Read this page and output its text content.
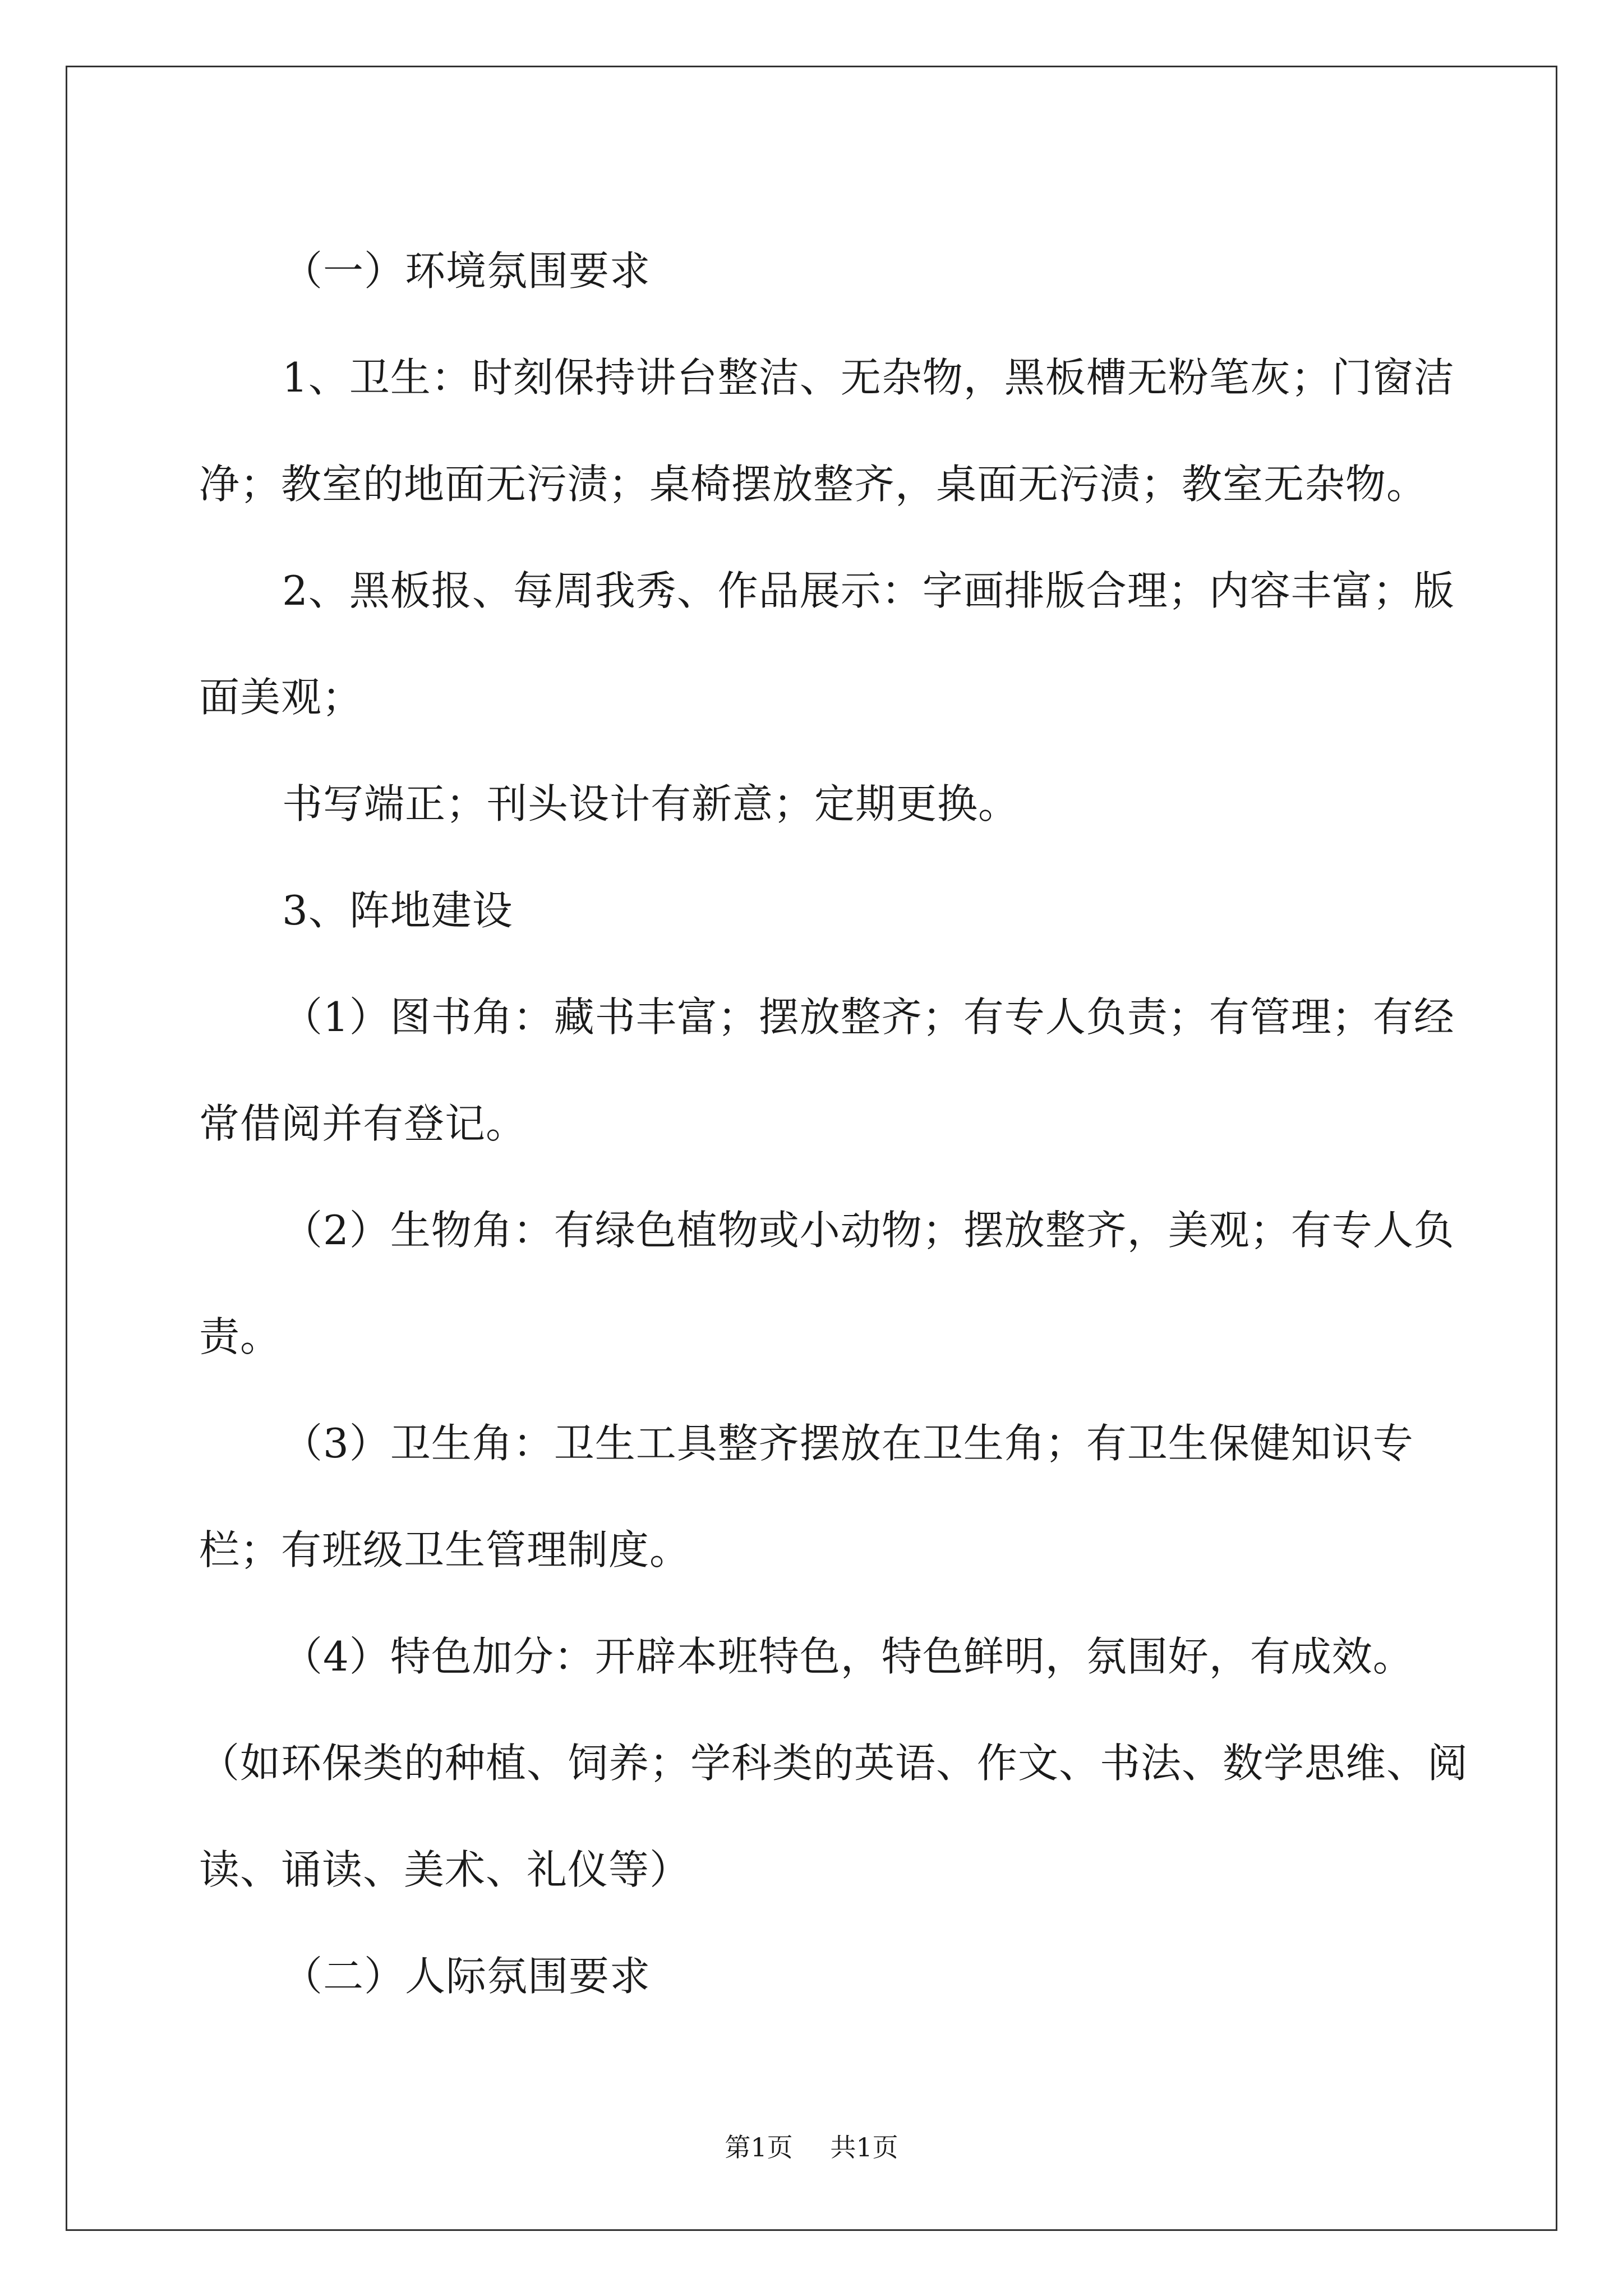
（一）环境氛围要求

1、卫生：时刻保持讲台整洁、无杂物，黑板槽无粉笔灰；门窗洁净；教室的地面无污渍；桌椅摆放整齐，桌面无污渍；教室无杂物。

2、黑板报、每周我秀、作品展示：字画排版合理；内容丰富；版面美观；

书写端正；刊头设计有新意；定期更换。

3、阵地建设

（1）图书角：藏书丰富；摆放整齐；有专人负责；有管理；有经常借阅并有登记。

（2）生物角：有绿色植物或小动物；摆放整齐，美观；有专人负责。

（3）卫生角：卫生工具整齐摆放在卫生角；有卫生保健知识专栏；有班级卫生管理制度。

（4）特色加分：开辟本班特色，特色鲜明，氛围好，有成效。（如环保类的种植、饲养；学科类的英语、作文、书法、数学思维、阅读、诵读、美术、礼仪等）

（二）人际氛围要求

第1页 共1页
